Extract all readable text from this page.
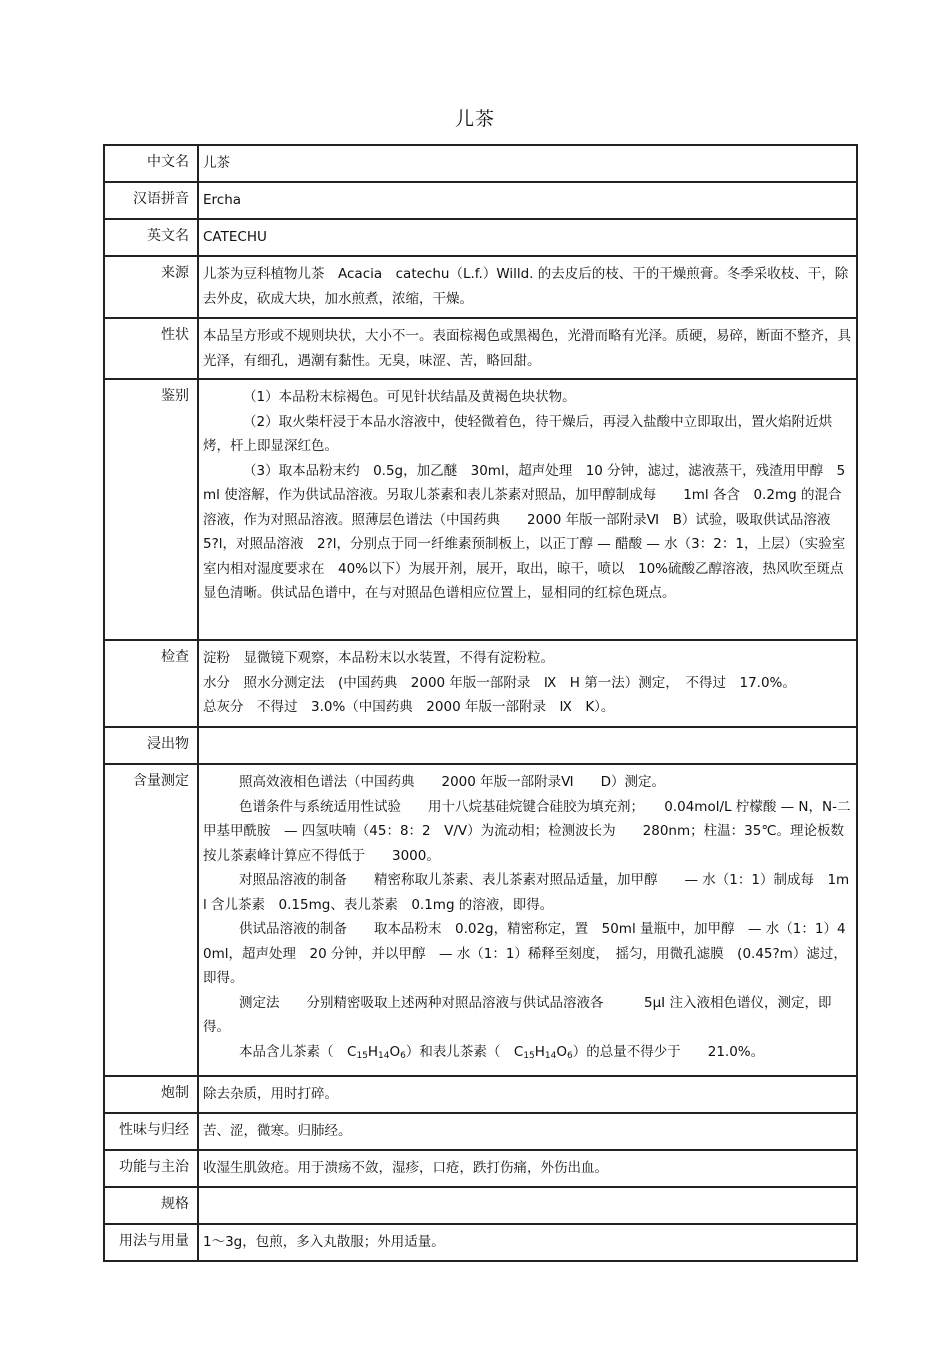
儿茶
中文名	儿茶

汉语拼音	Ercha

英文名	CATECHU

来源	儿茶为豆科植物儿茶　Acacia　catechu（L.f.）Willd. 的去皮后的枝、干的干燥煎膏。冬季采收枝、干，除去外皮，砍成大块，加水煎煮，浓缩，干燥。

性状	本品呈方形或不规则块状，大小不一。表面棕褐色或黑褐色，光滑而略有光泽。质硬，易碎，断面不整齐，具光泽，有细孔，遇潮有黏性。无臭，味涩、苦，略回甜。

鉴别	（1）本品粉末棕褐色。可见针状结晶及黄褐色块状物。

（2）取火柴杆浸于本品水溶液中，使轻微着色，待干燥后，再浸入盐酸中立即取出，置火焰附近烘烤，杆上即显深红色。

（3）取本品粉末约　0.5g，加乙醚　30ml，超声处理　10 分钟，滤过，滤液蒸干，残渣用甲醇　5ml 使溶解，作为供试品溶液。另取儿茶素和表儿茶素对照品，加甲醇制成每　　1ml 各含　0.2mg 的混合溶液，作为对照品溶液。照薄层色谱法（中国药典　　2000 年版一部附录Ⅵ　B）试验，吸取供试品溶液　5?l，对照品溶液　2?l，分别点于同一纤维素预制板上，以正丁醇 — 醋酸 — 水（3：2：1，上层）（实验室室内相对湿度要求在　40%以下）为展开剂，展开，取出，晾干，喷以　10%硫酸乙醇溶液，热风吹至斑点显色清晰。供试品色谱中，在与对照品色谱相应位置上，显相同的红棕色斑点。

检查	淀粉　显微镜下观察，本品粉末以水装置，不得有淀粉粒。

水分　照水分测定法　(中国药典　2000 年版一部附录　Ⅸ　H 第一法）测定，　不得过　17.0%。

总灰分　不得过　3.0%（中国药典　2000 年版一部附录　Ⅸ　K）。

浸出物

含量测定	照高效液相色谱法（中国药典　　2000 年版一部附录Ⅵ　　D）测定。

色谱条件与系统适用性试验　　用十八烷基硅烷键合硅胶为填充剂；　　0.04mol/L 柠檬酸 — N，N-二甲基甲酰胺　— 四氢呋喃（45：8：2　V/V）为流动相；检测波长为　　280nm；柱温：35℃。理论板数按儿茶素峰计算应不得低于　　3000。

对照品溶液的制备　　精密称取儿茶素、表儿茶素对照品适量，加甲醇　　— 水（1：1）制成每　1ml 含儿茶素　0.15mg、表儿茶素　0.1mg 的溶液，即得。

供试品溶液的制备　　取本品粉末　0.02g，精密称定，置　50ml 量瓶中，加甲醇　— 水（1：1）40ml，超声处理　20 分钟，并以甲醇　— 水（1：1）稀释至刻度，　摇匀，用微孔滤膜　(0.45?m）滤过，即得。

测定法　　分别精密吸取上述两种对照品溶液与供试品溶液各　　　5μⅠ 注入液相色谱仪，测定，即得。

本品含儿茶素（　$C_{15}H_{14}O_6$）和表儿茶素（　$C_{15}H_{14}O_6$）的总量不得少于　　21.0%。

炮制	除去杂质，用时打碎。

性味与归经	苦、涩，微寒。归肺经。

功能与主治	收湿生肌敛疮。用于溃疡不敛，湿疹，口疮，跌打伤痛，外伤出血。

规格

用法与用量	1～3g，包煎，多入丸散服；外用适量。
